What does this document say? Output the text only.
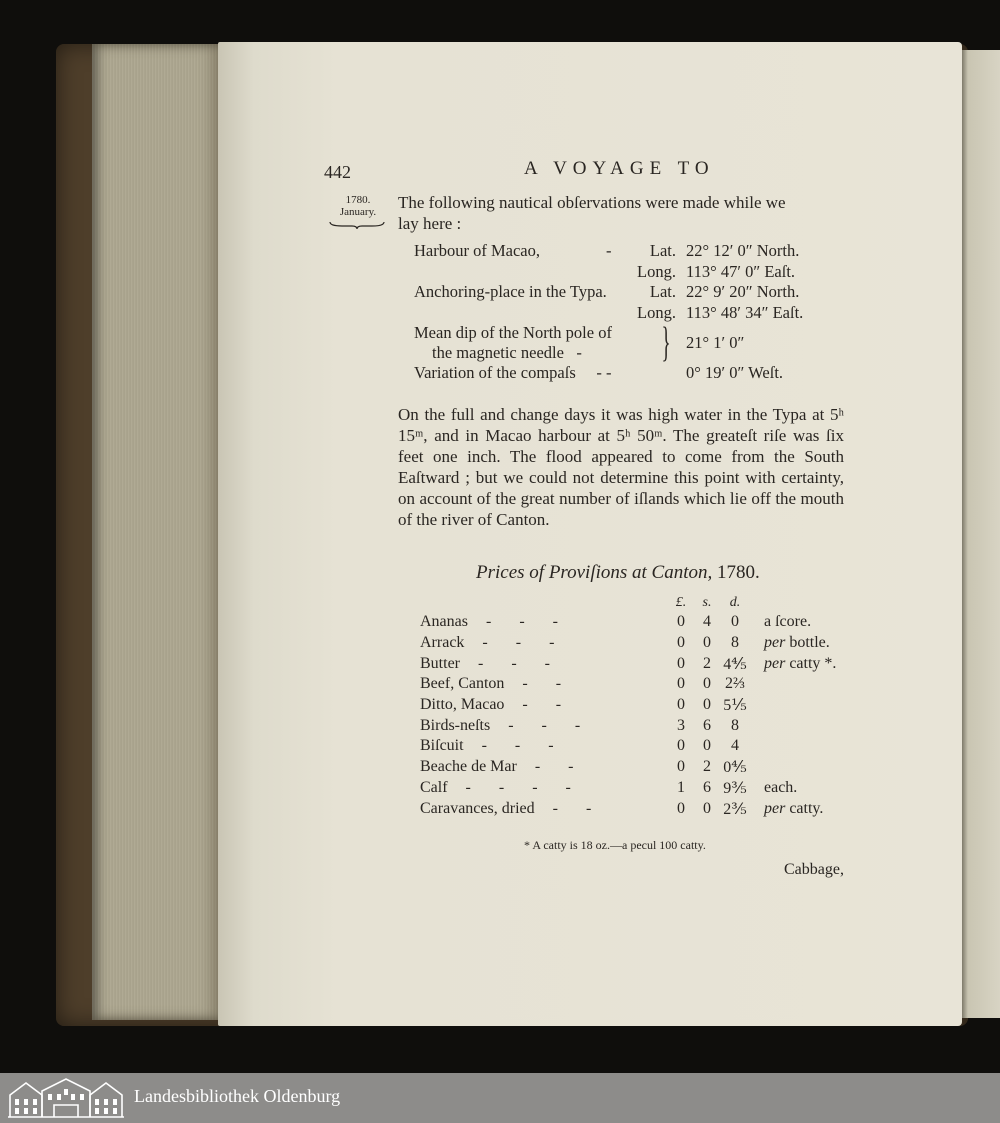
442	A VOYAGE TO
1780.
January.	The following nautical obſervations were made while we
lay here :
Harbour of Macao, -	Lat.	22° 12′ 0″ North.
	Long.	113° 47′ 0″ Eaſt.
Anchoring-place in the Typa.	Lat.	22° 9′ 20″ North.
	Long.	113° 48′ 34″ Eaſt.

Mean dip of the North pole of
the magnetic needle -	}	21° 1′ 0″
Variation of the compaſs - -		0° 19′ 0″ Weſt.
On the full and change days it was high water in the Typa at 5ʰ 15ᵐ, and in Macao harbour at 5ʰ 50ᵐ. The greateſt riſe was ſix feet one inch. The flood appeared to come from the South Eaſtward ; but we could not determine this point with certainty, on account of the great number of iſlands which lie off the mouth of the river of Canton.
Prices of Proviſions at Canton, 1780.
	£.	s.	d.	
Ananas -       -       -	0	4	0	a ſcore.
Arrack -       -       -	0	0	8	per bottle.
Butter -       -       -	0	2	4⅘	per catty *.
Beef, Canton -       -	0	0	2⅔	
Ditto, Macao -       -	0	0	5⅕	
Birds-neſts -       -       -	3	6	8	
Biſcuit -       -       -	0	0	4	
Beache de Mar -       -	0	2	0⅘	
Calf -       -       -       -	1	6	9⅗	each.
Caravances, dried -       -	0	0	2⅗	per catty.
* A catty is 18 oz.—a pecul 100 catty.
Cabbage,
Landesbibliothek Oldenburg
